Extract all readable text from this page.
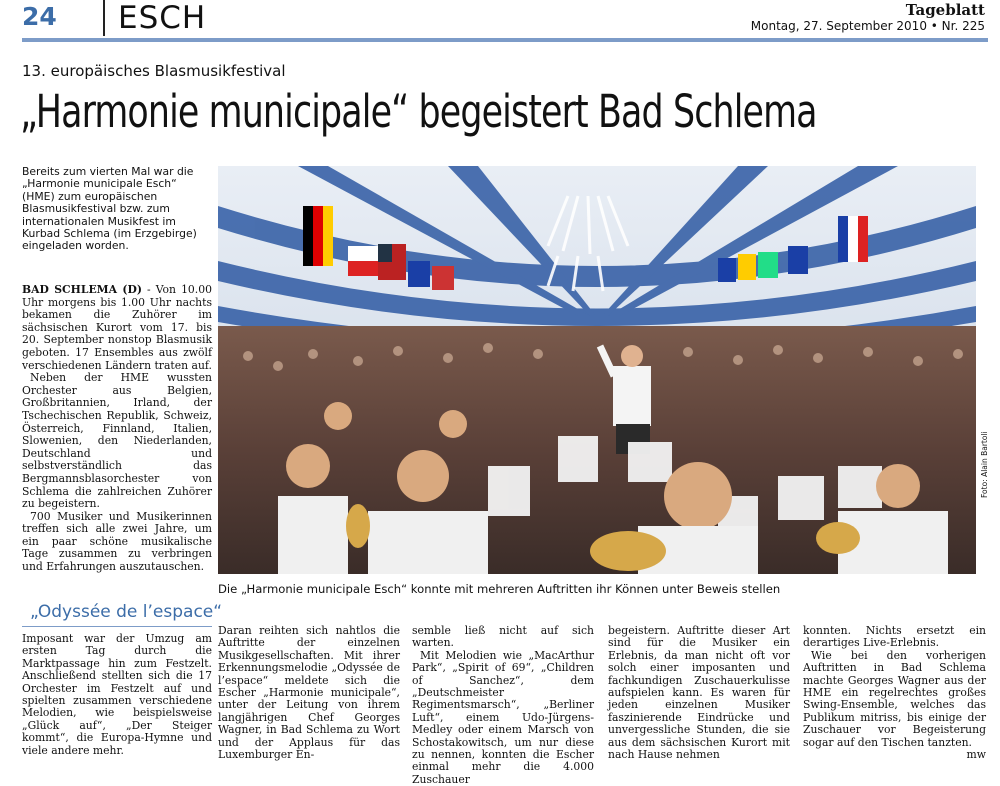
24 ESCH	Tageblatt
Montag, 27. September 2010 • Nr. 225
13. europäisches Blasmusikfestival
„Harmonie municipale“ begeistert Bad Schlema
Bereits zum vierten Mal war die „Harmonie municipale Esch“ (HME) zum europäischen Blasmusikfestival bzw. zum internationalen Musikfest im Kurbad Schlema (im Erzgebirge) eingeladen worden.

BAD SCHLEMA (D) - Von 10.00 Uhr morgens bis 1.00 Uhr nachts bekamen die Zuhörer im sächsischen Kurort vom 17. bis 20. September nonstop Blasmusik geboten. 17 Ensembles aus zwölf verschiedenen Ländern traten auf.

Neben der HME wussten Orchester aus Belgien, Großbritannien, Irland, der Tschechischen Republik, Schweiz, Österreich, Finnland, Italien, Slowenien, den Niederlanden, Deutschland und selbstverständlich das Bergmannsblasorchester von Schlema die zahlreichen Zuhörer zu begeistern.

700 Musiker und Musikerinnen treffen sich alle zwei Jahre, um ein paar schöne musikalische Tage zusammen zu verbringen und Erfahrungen auszutauschen.

Foto: Alain Bartoli
Die „Harmonie municipale Esch“ konnte mit mehreren Auftritten ihr Können unter Beweis stellen
„Odyssée de l’espace“

Imposant war der Umzug am ersten Tag durch die Marktpassage hin zum Festzelt. Anschließend stellten sich die 17 Orchester im Festzelt auf und spielten zusammen verschiedene Melodien, wie beispielsweise „Glück auf“, „Der Steiger kommt“, die Europa-Hymne und viele andere mehr.

Daran reihten sich nahtlos die Auftritte der einzelnen Musikgesellschaften. Mit ihrer Erkennungsmelodie „Odyssée de l’espace“ meldete sich die Escher „Harmonie municipale“, unter der Leitung von ihrem langjährigen Chef Georges Wagner, in Bad Schlema zu Wort und der Applaus für das Luxemburger En-

semble ließ nicht auf sich warten.

Mit Melodien wie „MacArthur Park“, „Spirit of 69“, „Children of Sanchez“, dem „Deutschmeister Regimentsmarsch“, „Berliner Luft“, einem Udo-Jürgens-Medley oder einem Marsch von Schostakowitsch, um nur diese zu nennen, konnten die Escher einmal mehr die 4.000 Zuschauer

begeistern. Auftritte dieser Art sind für die Musiker ein Erlebnis, da man nicht oft vor solch einer imposanten und fachkundigen Zuschauerkulisse aufspielen kann. Es waren für jeden einzelnen Musiker faszinierende Eindrücke und unvergessliche Stunden, die sie aus dem sächsischen Kurort mit nach Hause nehmen

konnten. Nichts ersetzt ein derartiges Live-Erlebnis.

Wie bei den vorherigen Auftritten in Bad Schlema machte Georges Wagner aus der HME ein regelrechtes großes Swing-Ensemble, welches das Publikum mitriss, bis einige der Zuschauer vor Begeisterung sogar auf den Tischen tanzten.

mw
